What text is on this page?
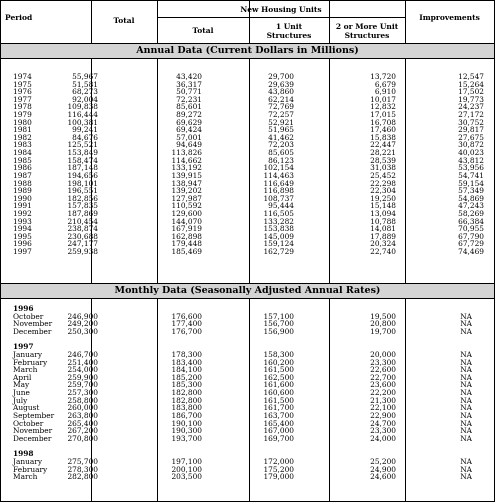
Period	Total
New Housing Units
Total	1 Unit
Structures
2 or More Unit
Structures
Improvements
Annual Data (Current Dollars in Millions)
1974	55,967	43,420	29,700	13,720	12,547
1975	51,581	36,317	29,639	6,679	15,264
1976	68,273	50,771	43,860	6,910	17,502
1977	92,004	72,231	62,214	10,017	19,773
1978	109,838	85,601	72,769	12,832	24,237
1979	116,444	89,272	72,257	17,015	27,172
1980	100,381	69,629	52,921	16,708	30,752
1981	99,241	69,424	51,965	17,460	29,817
1982	84,676	57,001	41,462	15,838	27,675
1983	125,521	94,649	72,203	22,447	30,872
1984	153,849	113,826	85,605	28,221	40,023
1985	158,474	114,662	86,123	28,539	43,812
1986	187,148	133,192	102,154	31,038	53,956
1987	194,656	139,915	114,463	25,452	54,741
1988	198,101	138,947	116,649	22,298	59,154
1989	196,551	139,202	116,898	22,304	57,349
1990	182,856	127,987	108,737	19,250	54,869
1991	157,835	110,592	95,444	15,148	47,243
1992	187,869	129,600	116,505	13,094	58,269
1993	210,454	144,070	133,282	10,788	66,384
1994	238,874	167,919	153,838	14,081	70,955
1995	230,688	162,898	145,009	17,889	67,790
1996	247,177	179,448	159,124	20,324	67,729
1997	259,938	185,469	162,729	22,740	74,469
Monthly Data (Seasonally Adjusted Annual Rates)
1996
October	246,900	176,600	157,100	19,500	NA
November 249,200	177,400	156,700	20,800	NA
December 250,300	176,700	156,900	19,700	NA
1997
January	246,700	178,300	158,300	20,000	NA
February	251,400	183,400	160,200	23,300	NA
March	254,000	184,100	161,500	22,600	NA
April	259,900	185,200	162,500	22,700	NA
May	259,700	185,300	161,600	23,600	NA
June	257,300	182,800	160,600	22,200	NA
July	258,800	182,800	161,500	21,300	NA
August	260,000	183,800	161,700	22,100	NA
September 263,800	186,700	163,700	22,900	NA
October	265,400	190,100	165,400	24,700	NA
November 267,200	190,300	167,000	23,300	NA
December 270,800	193,700	169,700	24,000	NA
1998
January	275,700	197,100	172,000	25,200	NA
February	278,300	200,100	175,200	24,900	NA
March	282,800	203,500	179,000	24,600	NA
